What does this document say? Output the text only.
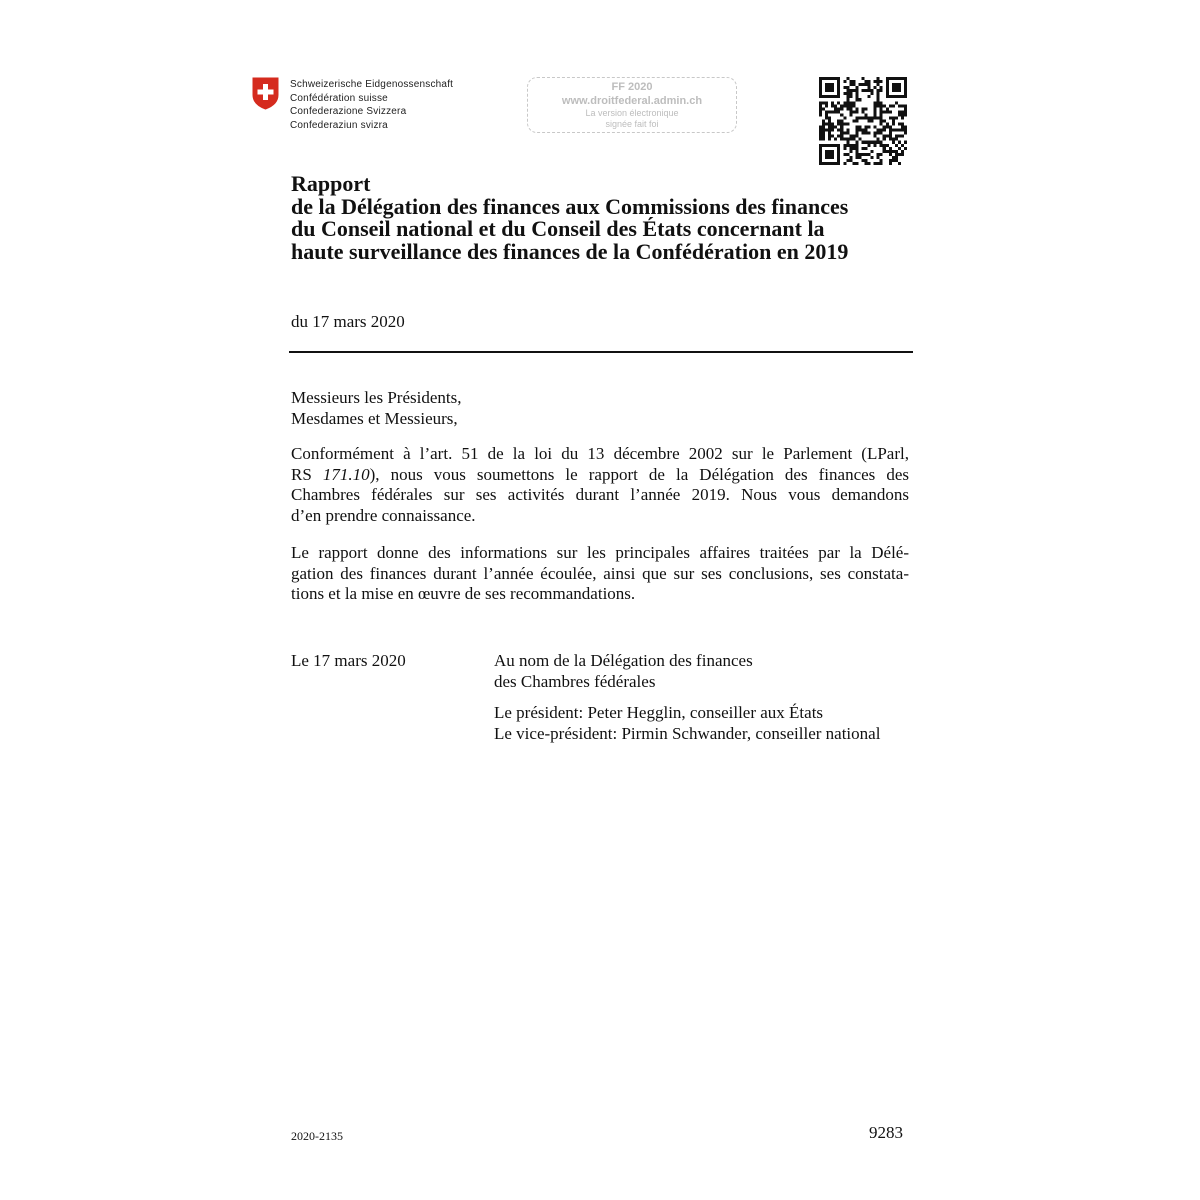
Schweizerische Eidgenossenschaft
Confédération suisse
Confederazione Svizzera
Confederaziun svizra
FF 2020
www.droitfederal.admin.ch
La version électronique
signée fait foi
Rapport
de la Délégation des finances aux Commissions des finances
du Conseil national et du Conseil des États concernant la
haute surveillance des finances de la Confédération en 2019
du 17 mars 2020
Messieurs les Présidents,
Mesdames et Messieurs,
Conformément à l’art. 51 de la loi du 13 décembre 2002 sur le Parlement (LParl,
RS 171.10), nous vous soumettons le rapport de la Délégation des finances des
Chambres fédérales sur ses activités durant l’année 2019. Nous vous demandons
d’en prendre connaissance.
Le rapport donne des informations sur les principales affaires traitées par la Délé-
gation des finances durant l’année écoulée, ainsi que sur ses conclusions, ses constata-
tions et la mise en œuvre de ses recommandations.
Le 17 mars 2020	Au nom de la Délégation des finances
des Chambres fédérales
Le président: Peter Hegglin, conseiller aux États
Le vice-président: Pirmin Schwander, conseiller national
2020-2135	9283
